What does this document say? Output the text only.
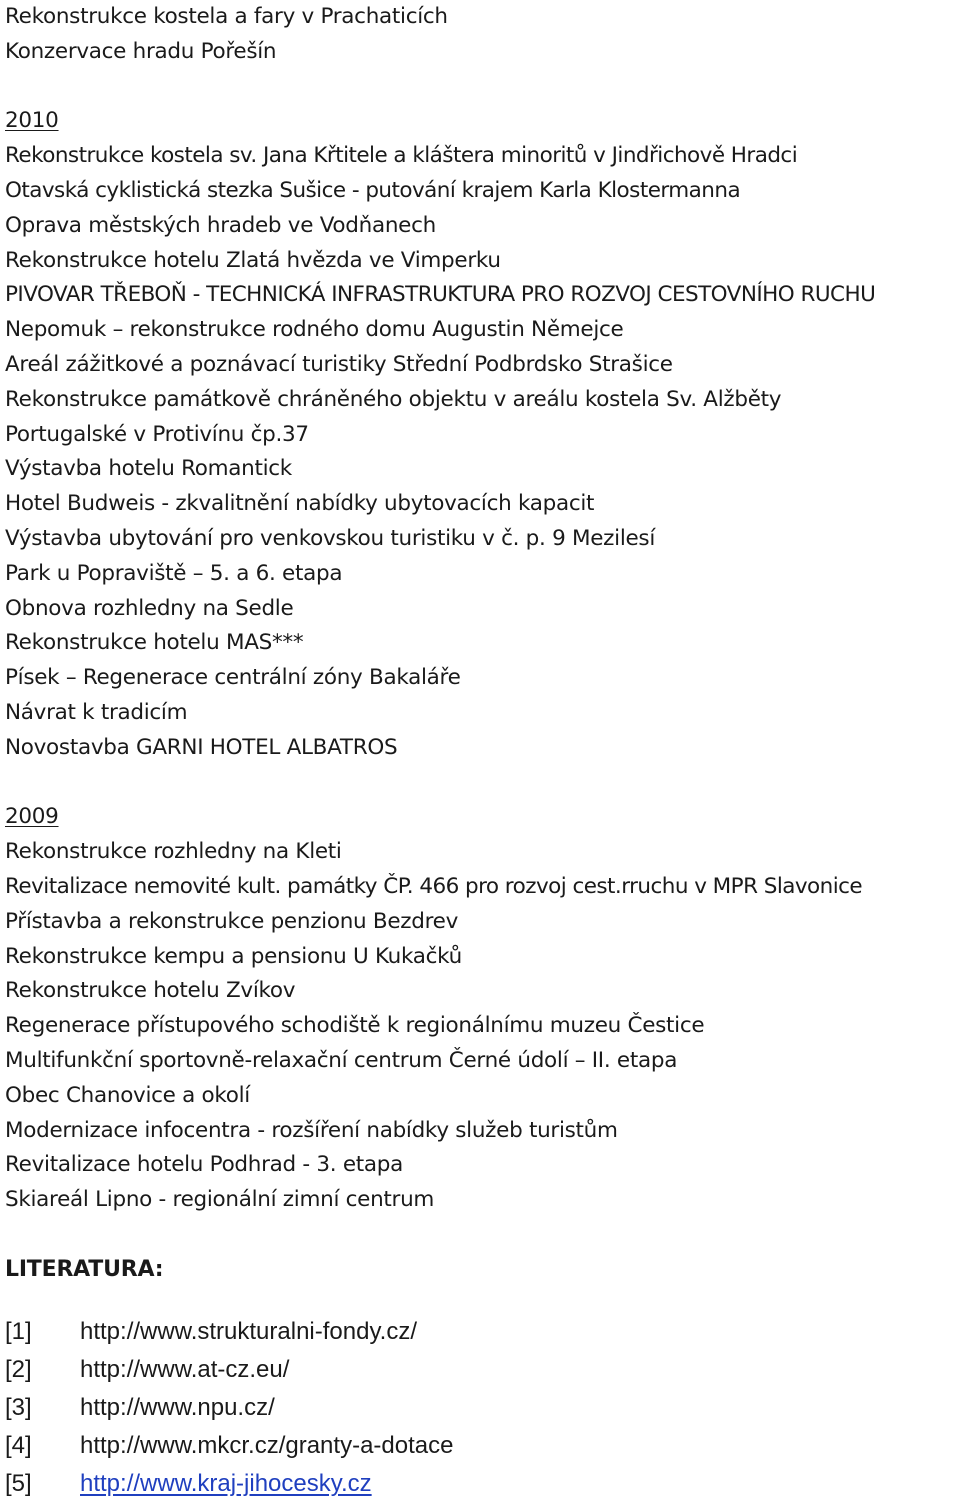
Rekonstrukce kostela a fary v Prachaticích
Konzervace hradu Pořešín
2010
Rekonstrukce kostela sv. Jana Křtitele a kláštera minoritů v Jindřichově Hradci
Otavská cyklistická stezka Sušice - putování krajem Karla Klostermanna
Oprava městských hradeb ve Vodňanech
Rekonstrukce hotelu Zlatá hvězda ve Vimperku
PIVOVAR TŘEBOŇ - TECHNICKÁ INFRASTRUKTURA PRO ROZVOJ CESTOVNÍHO RUCHU
Nepomuk – rekonstrukce rodného domu Augustin Němejce
Areál zážitkové a poznávací turistiky Střední Podbrdsko Strašice
Rekonstrukce památkově chráněného objektu v areálu kostela Sv. Alžběty
Portugalské v Protivínu čp.37
Výstavba hotelu Romantick
Hotel Budweis - zkvalitnění nabídky ubytovacích kapacit
Výstavba ubytování pro venkovskou turistiku v č. p. 9 Mezilesí
Park u Popraviště – 5. a 6. etapa
Obnova rozhledny na Sedle
Rekonstrukce hotelu MAS***
Písek – Regenerace centrální zóny Bakaláře
Návrat k tradicím
Novostavba GARNI HOTEL ALBATROS
2009
Rekonstrukce rozhledny na Kleti
Revitalizace nemovité kult. památky ČP. 466 pro rozvoj cest.rruchu v MPR Slavonice
Přístavba a rekonstrukce penzionu Bezdrev
Rekonstrukce kempu a pensionu U Kukačků
Rekonstrukce hotelu Zvíkov
Regenerace přístupového schodiště k regionálnímu muzeu Čestice
Multifunkční sportovně-relaxační centrum Černé údolí – II. etapa
Obec Chanovice a okolí
Modernizace infocentra - rozšíření nabídky služeb turistům
Revitalizace hotelu Podhrad - 3. etapa
Skiareál Lipno - regionální zimní centrum
LITERATURA:
[1]	http://www.strukturalni-fondy.cz/
[2]	http://www.at-cz.eu/
[3]	http://www.npu.cz/
[4]	http://www.mkcr.cz/granty-a-dotace
[5]	http://www.kraj-jihocesky.cz
